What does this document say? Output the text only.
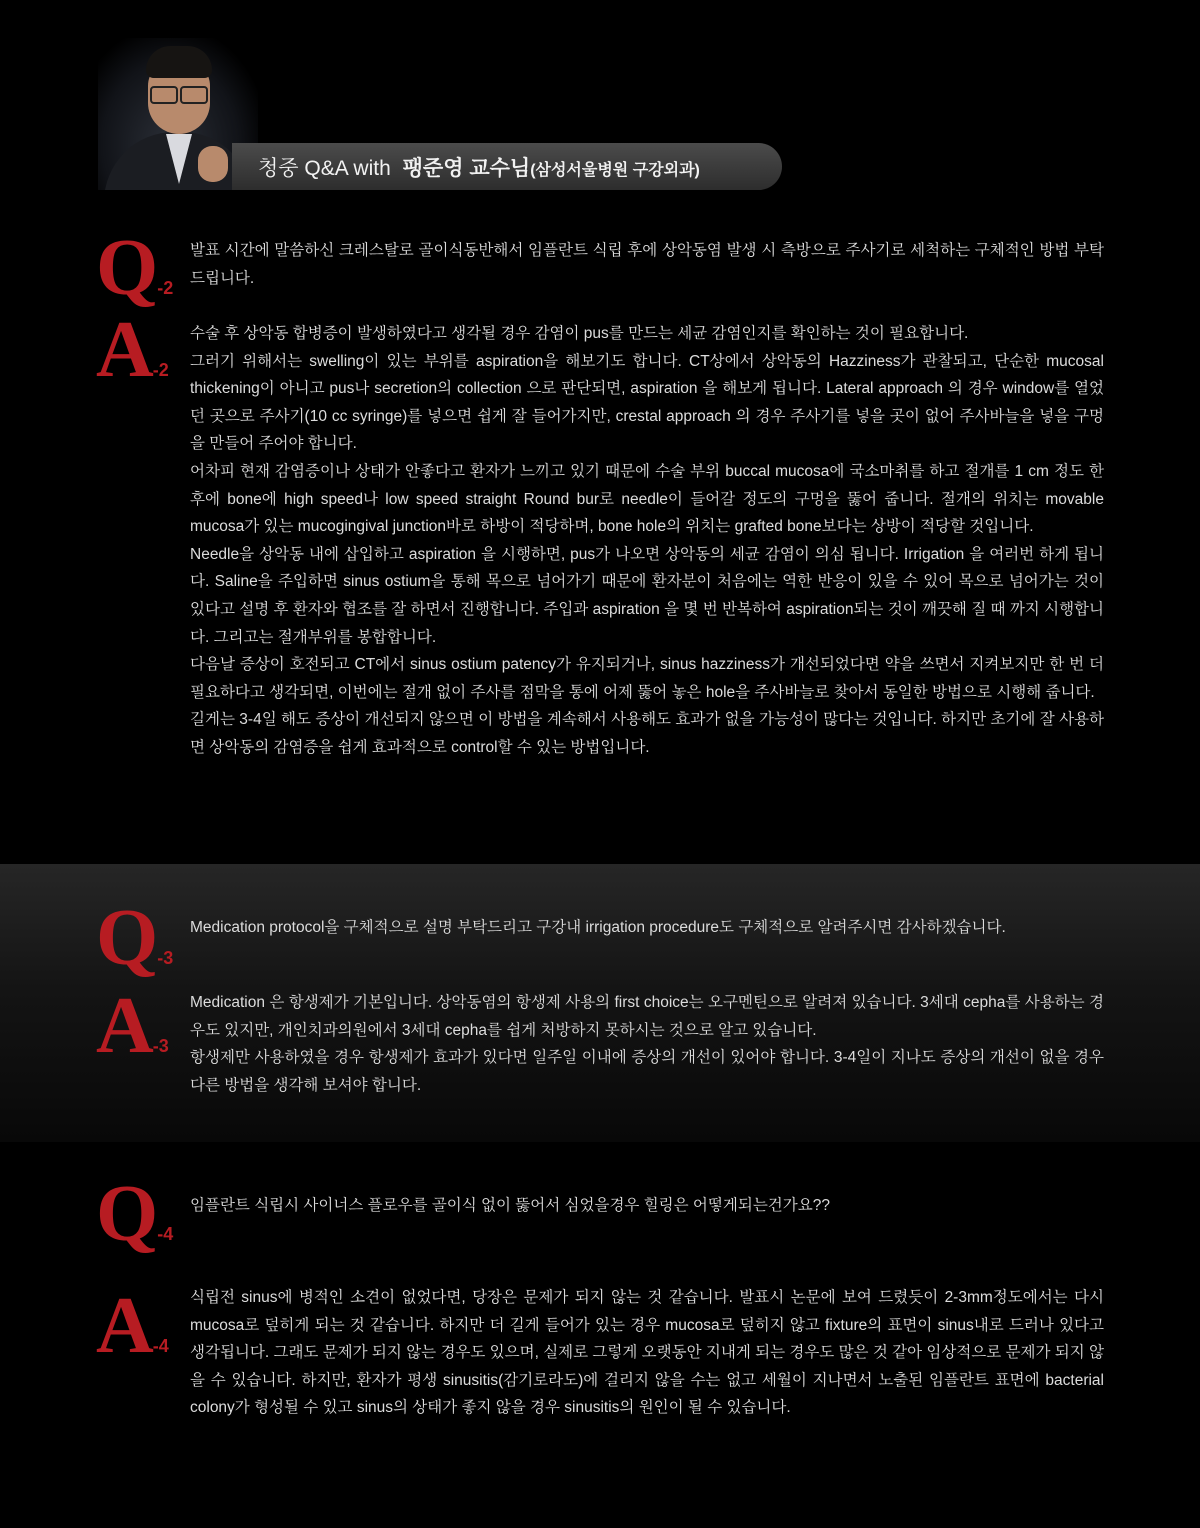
청중 Q&A with 팽준영 교수님(삼성서울병원 구강외과)
Q-2

발표 시간에 말씀하신 크레스탈로 골이식동반해서 임플란트 식립 후에 상악동염 발생 시 측방으로 주사기로 세척하는 구체적인 방법 부탁드립니다.

A-2

수술 후 상악동 합병증이 발생하였다고 생각될 경우 감염이 pus를 만드는 세균 감염인지를 확인하는 것이 필요합니다.

그러기 위해서는 swelling이 있는 부위를 aspiration을 해보기도 합니다. CT상에서 상악동의 Hazziness가 관찰되고, 단순한 mucosal thickening이 아니고 pus나 secretion의 collection 으로 판단되면, aspiration 을 해보게 됩니다. Lateral approach 의 경우 window를 열었던 곳으로 주사기(10 cc syringe)를 넣으면 쉽게 잘 들어가지만, crestal approach 의 경우 주사기를 넣을 곳이 없어 주사바늘을 넣을 구멍을 만들어 주어야 합니다.

어차피 현재 감염증이나 상태가 안좋다고 환자가 느끼고 있기 때문에 수술 부위 buccal mucosa에 국소마취를 하고 절개를 1 cm 정도 한 후에 bone에 high speed나 low speed straight Round bur로 needle이 들어갈 정도의 구멍을 뚫어 줍니다. 절개의 위치는 movable mucosa가 있는 mucogingival junction바로 하방이 적당하며, bone hole의 위치는 grafted bone보다는 상방이 적당할 것입니다.

Needle을 상악동 내에 삽입하고 aspiration 을 시행하면, pus가 나오면 상악동의 세균 감염이 의심 됩니다. Irrigation 을 여러번 하게 됩니다. Saline을 주입하면 sinus ostium을 통해 목으로 넘어가기 때문에 환자분이 처음에는 역한 반응이 있을 수 있어 목으로 넘어가는 것이 있다고 설명 후 환자와 협조를 잘 하면서 진행합니다. 주입과 aspiration 을 몇 번 반복하여 aspiration되는 것이 깨끗해 질 때 까지 시행합니다. 그리고는 절개부위를 봉합합니다.

다음날 증상이 호전되고 CT에서 sinus ostium patency가 유지되거나, sinus hazziness가 개선되었다면 약을 쓰면서 지켜보지만 한 번 더 필요하다고 생각되면, 이번에는 절개 없이 주사를 점막을 통에 어제 뚫어 놓은 hole을 주사바늘로 찾아서 동일한 방법으로 시행해 줍니다.

길게는 3-4일 해도 증상이 개선되지 않으면 이 방법을 계속해서 사용해도 효과가 없을 가능성이 많다는 것입니다. 하지만 초기에 잘 사용하면 상악동의 감염증을 쉽게 효과적으로 control할 수 있는 방법입니다.

Q-3

Medication protocol을 구체적으로 설명 부탁드리고 구강내 irrigation procedure도 구체적으로 알려주시면 감사하겠습니다.

A-3

Medication 은 항생제가 기본입니다. 상악동염의 항생제 사용의 first choice는 오구멘틴으로 알려져 있습니다. 3세대 cepha를 사용하는 경우도 있지만, 개인치과의원에서 3세대 cepha를 쉽게 처방하지 못하시는 것으로 알고 있습니다.

항생제만 사용하였을 경우 항생제가 효과가 있다면 일주일 이내에 증상의 개선이 있어야 합니다. 3-4일이 지나도 증상의 개선이 없을 경우 다른 방법을 생각해 보셔야 합니다.

Q-4

임플란트 식립시 사이너스 플로우를 골이식 없이 뚫어서 심었을경우 힐링은 어떻게되는건가요??

A-4

식립전 sinus에 병적인 소견이 없었다면, 당장은 문제가 되지 않는 것 같습니다. 발표시 논문에 보여 드렸듯이 2-3mm정도에서는 다시 mucosa로 덮히게 되는 것 같습니다. 하지만 더 길게 들어가 있는 경우 mucosa로 덮히지 않고 fixture의 표면이 sinus내로 드러나 있다고 생각됩니다. 그래도 문제가 되지 않는 경우도 있으며, 실제로 그렇게 오랫동안 지내게 되는 경우도 많은 것 같아 임상적으로 문제가 되지 않을 수 있습니다. 하지만, 환자가 평생 sinusitis(감기로라도)에 걸리지 않을 수는 없고 세월이 지나면서 노출된 임플란트 표면에 bacterial colony가 형성될 수 있고 sinus의 상태가 좋지 않을 경우 sinusitis의 원인이 될 수 있습니다.
